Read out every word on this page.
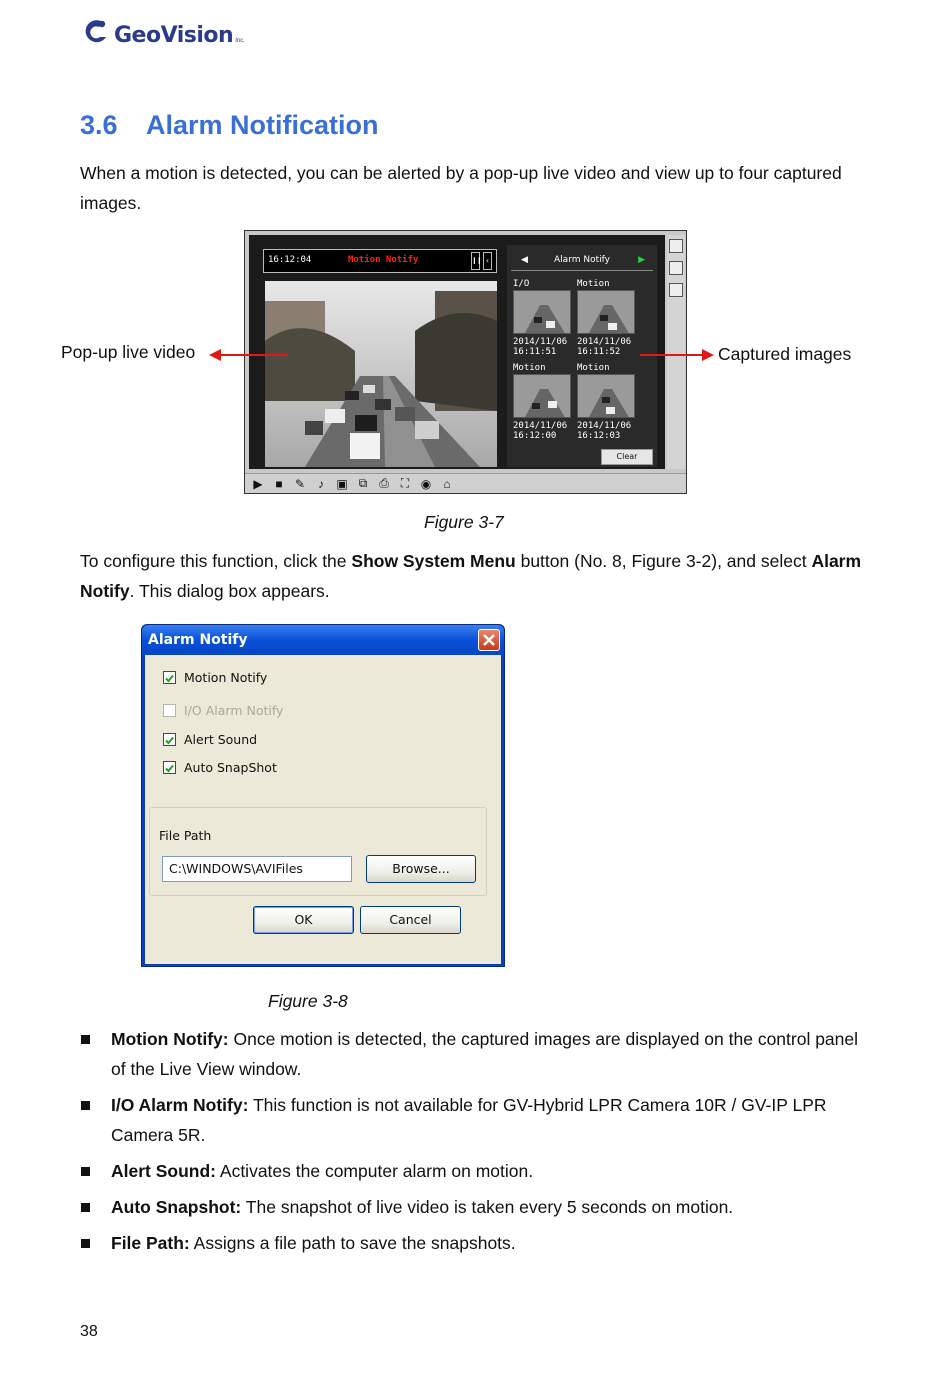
GeoVision Inc.
3.6 Alarm Notification

When a motion is detected, you can be alerted by a pop-up live video and view up to four captured images.

16:12:04	Motion Notify	❙❙ ‹	◀	Alarm Notify	▶
I/O
2014/11/06
16:11:51
Motion
2014/11/06
16:11:52
Motion
2014/11/06
16:12:00
Motion
2014/11/06
16:12:03
Clear
▶	■	✎	♪	▣ ⧉ ⎙	⛶ ◉	⌂
Pop-up live video	Captured images
Figure 3-7

To configure this function, click the Show System Menu button (No. 8, Figure 3-2), and select Alarm Notify. This dialog box appears.

Alarm Notify
Motion Notify
I/O Alarm Notify
Alert Sound
Auto SnapShot
File Path
C:\WINDOWS\AVIFiles	Browse...
OK	Cancel
Figure 3-8

Motion Notify: Once motion is detected, the captured images are displayed on the control panel of the Live View window.

I/O Alarm Notify: This function is not available for GV-Hybrid LPR Camera 10R / GV-IP LPR Camera 5R.

Alert Sound: Activates the computer alarm on motion.

Auto Snapshot: The snapshot of live video is taken every 5 seconds on motion.

File Path: Assigns a file path to save the snapshots.

38
